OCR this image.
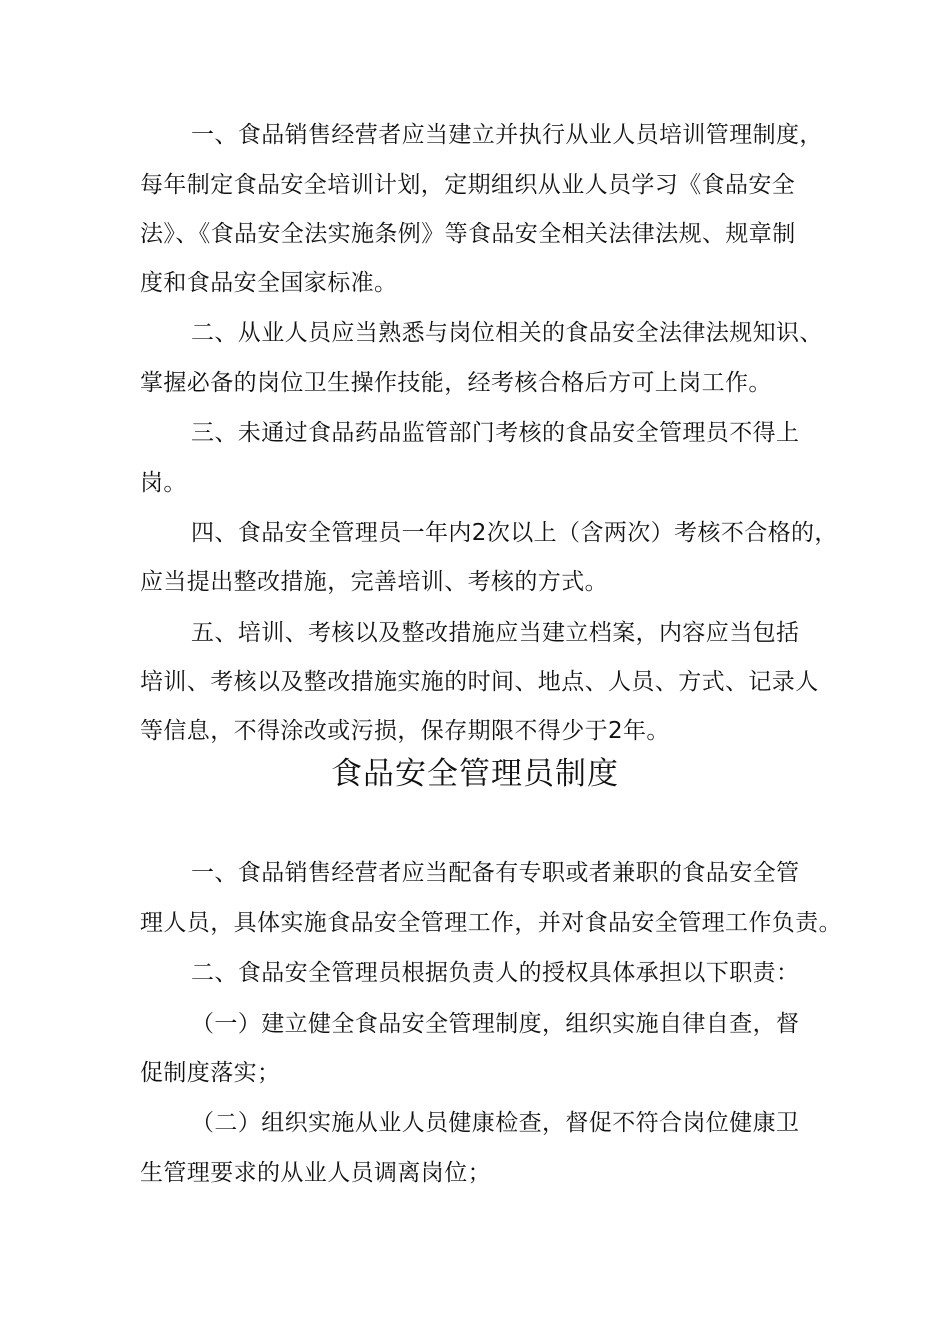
一、食品销售经营者应当建立并执行从业人员培训管理制度，
每年制定食品安全培训计划，定期组织从业人员学习《食品安全
法》、《食品安全法实施条例》等食品安全相关法律法规、规章制
度和食品安全国家标准。
二、从业人员应当熟悉与岗位相关的食品安全法律法规知识、
掌握必备的岗位卫生操作技能，经考核合格后方可上岗工作。
三、未通过食品药品监管部门考核的食品安全管理员不得上
岗。
四、食品安全管理员一年内2次以上（含两次）考核不合格的，
应当提出整改措施，完善培训、考核的方式。
五、培训、考核以及整改措施应当建立档案，内容应当包括
培训、考核以及整改措施实施的时间、地点、人员、方式、记录人
等信息，不得涂改或污损，保存期限不得少于2年。
食品安全管理员制度
一、食品销售经营者应当配备有专职或者兼职的食品安全管
理人员，具体实施食品安全管理工作，并对食品安全管理工作负责。
二、食品安全管理员根据负责人的授权具体承担以下职责：
（一）建立健全食品安全管理制度，组织实施自律自查，督
促制度落实；
（二）组织实施从业人员健康检查，督促不符合岗位健康卫
生管理要求的从业人员调离岗位；
